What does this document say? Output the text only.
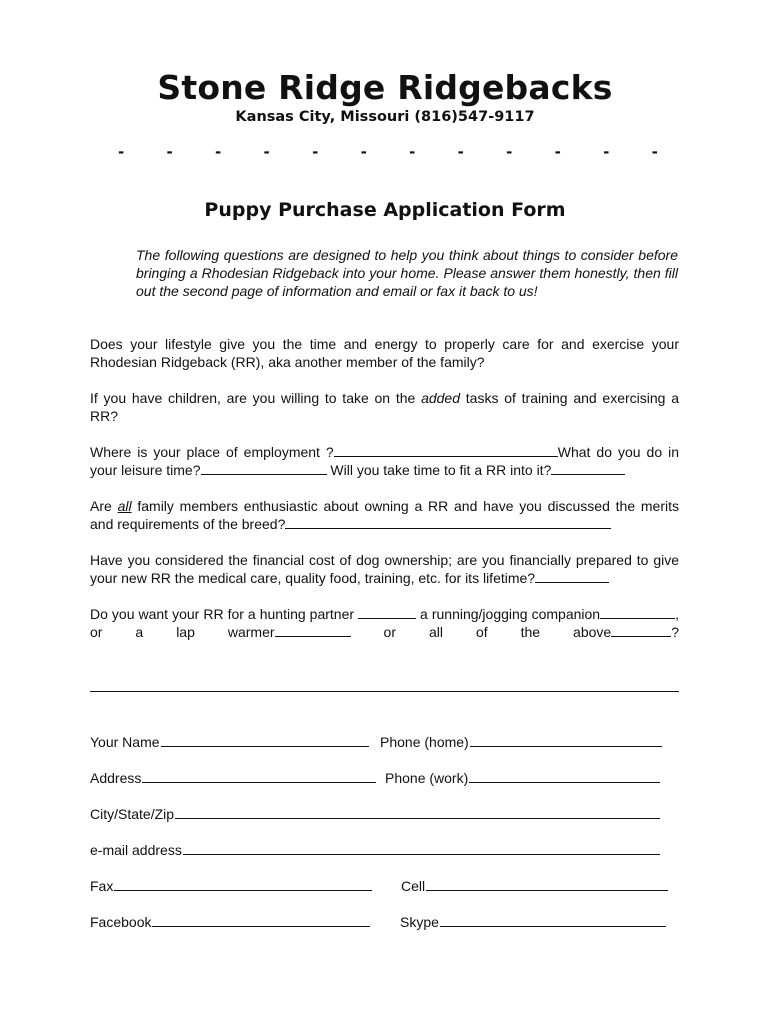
Stone Ridge Ridgebacks
Kansas City, Missouri (816)547-9117
-	-	-	-	-	-	-	-	-	-	-	-
Puppy Purchase Application Form
The following questions are designed to help you think about things to consider before bringing a Rhodesian Ridgeback into your home. Please answer them honestly, then fill out the second page of information and email or fax it back to us!
Does your lifestyle give you the time and energy to properly care for and exercise your Rhodesian Ridgeback (RR), aka another member of the family?
If you have children, are you willing to take on the added tasks of training and exercising a RR?
Where is your place of employment ?	What do you do in your leisure time?	Will you take time to fit a RR into it?
Are all family members enthusiastic about owning a RR and have you discussed the merits and requirements of the breed?
Have you considered the financial cost of dog ownership; are you financially prepared to give your new RR the medical care, quality food, training, etc. for its lifetime?
Do you want your RR for a hunting partner	a running/jogging companion	, or a lap warmer	or all of the above	?
Your Name	Phone (home)
Address	Phone (work)
City/State/Zip
e-mail address
Fax	Cell
Facebook	Skype
